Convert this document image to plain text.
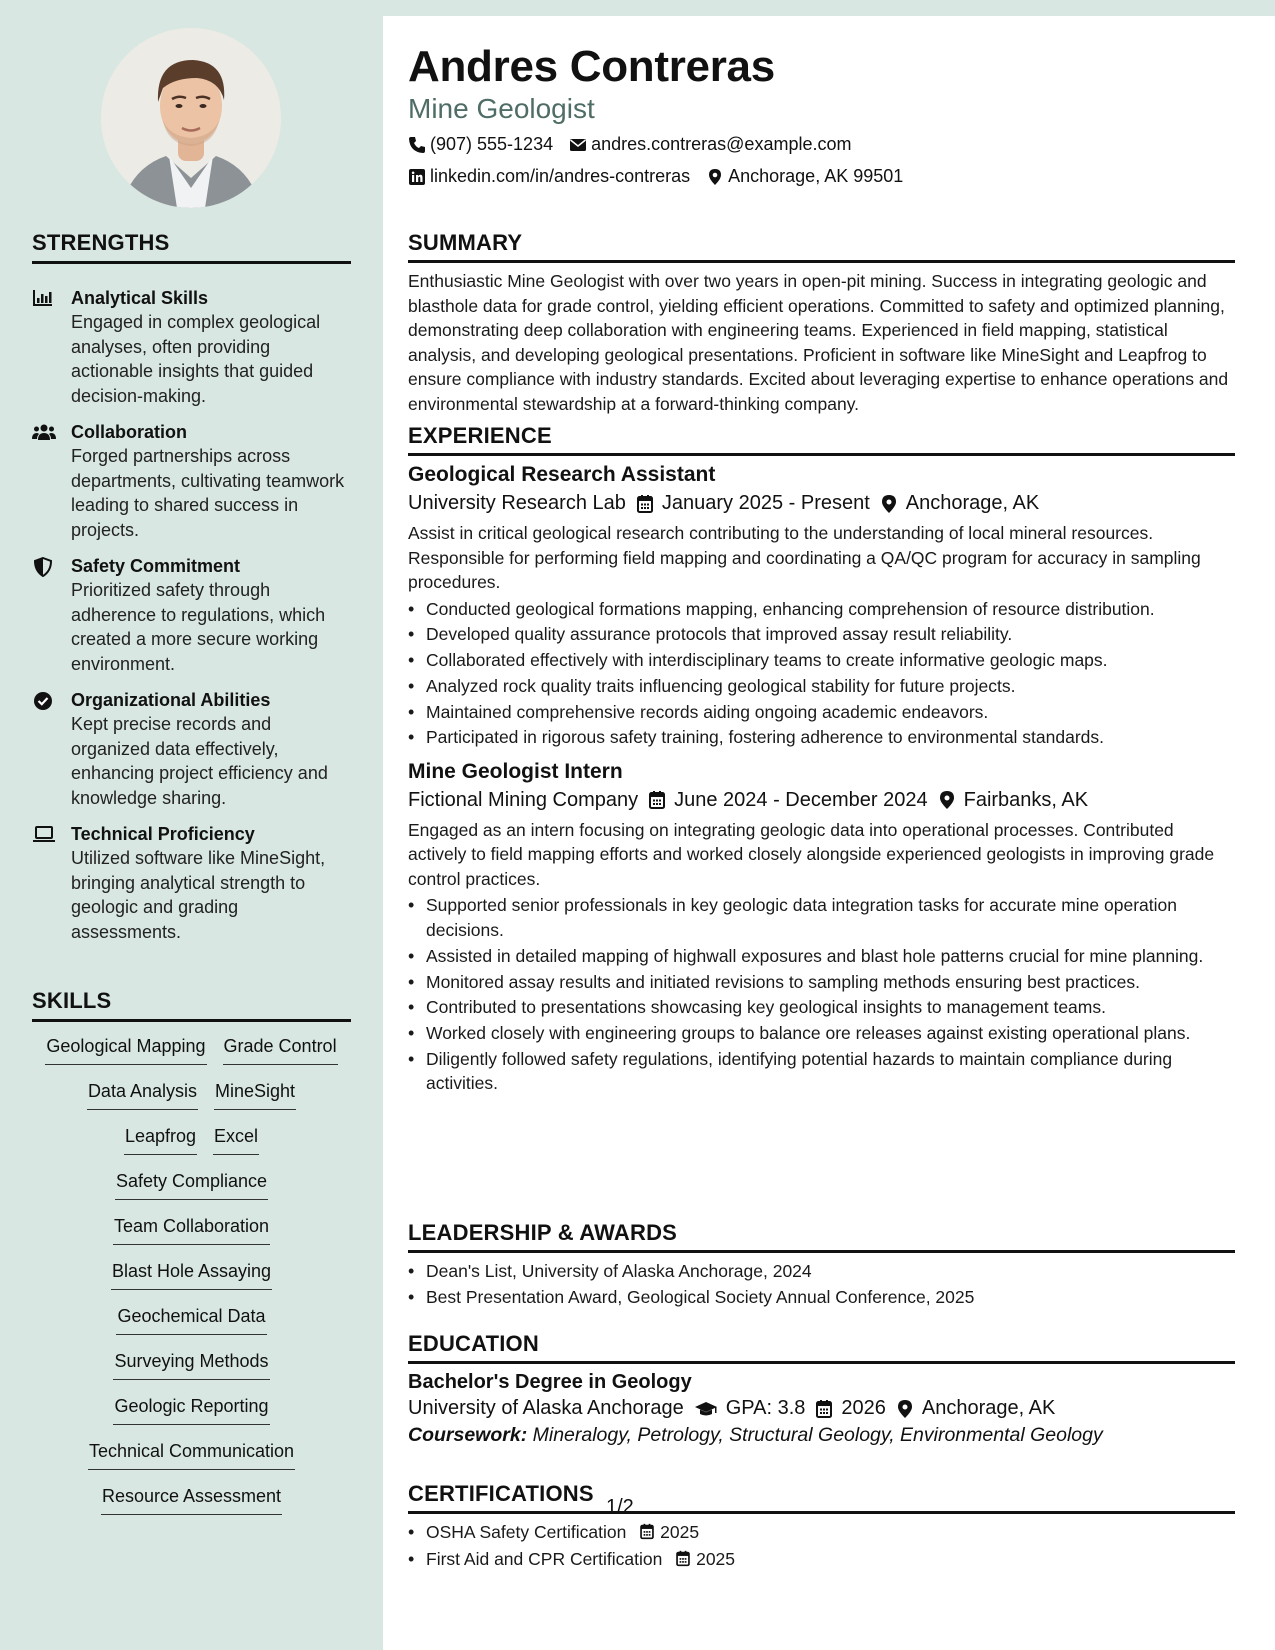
STRENGTHS
Analytical Skills
Engaged in complex geological analyses, often providing actionable insights that guided decision-making.
Collaboration
Forged partnerships across departments, cultivating teamwork leading to shared success in projects.
Safety Commitment
Prioritized safety through adherence to regulations, which created a more secure working environment.
Organizational Abilities
Kept precise records and organized data effectively, enhancing project efficiency and knowledge sharing.
Technical Proficiency
Utilized software like MineSight, bringing analytical strength to geologic and grading assessments.
SKILLS
Geological Mapping Grade Control
Data Analysis MineSight
Leapfrog Excel
Safety Compliance
Team Collaboration
Blast Hole Assaying
Geochemical Data
Surveying Methods
Geologic Reporting
Technical Communication
Resource Assessment
Andres Contreras
Mine Geologist
(907) 555-1234 andres.contreras@example.com
linkedin.com/in/andres-contreras Anchorage, AK 99501
SUMMARY
Enthusiastic Mine Geologist with over two years in open-pit mining. Success in integrating geologic and blasthole data for grade control, yielding efficient operations. Committed to safety and optimized planning, demonstrating deep collaboration with engineering teams. Experienced in field mapping, statistical analysis, and developing geological presentations. Proficient in software like MineSight and Leapfrog to ensure compliance with industry standards. Excited about leveraging expertise to enhance operations and environmental stewardship at a forward-thinking company.
EXPERIENCE
Geological Research Assistant
University Research Lab January 2025 - Present Anchorage, AK
Assist in critical geological research contributing to the understanding of local mineral resources. Responsible for performing field mapping and coordinating a QA/QC program for accuracy in sampling procedures.
• Conducted geological formations mapping, enhancing comprehension of resource distribution.
• Developed quality assurance protocols that improved assay result reliability.
• Collaborated effectively with interdisciplinary teams to create informative geologic maps.
• Analyzed rock quality traits influencing geological stability for future projects.
• Maintained comprehensive records aiding ongoing academic endeavors.
• Participated in rigorous safety training, fostering adherence to environmental standards.
Mine Geologist Intern
Fictional Mining Company June 2024 - December 2024 Fairbanks, AK
Engaged as an intern focusing on integrating geologic data into operational processes. Contributed actively to field mapping efforts and worked closely alongside experienced geologists in improving grade control practices.
• Supported senior professionals in key geologic data integration tasks for accurate mine operation decisions.
• Assisted in detailed mapping of highwall exposures and blast hole patterns crucial for mine planning.
• Monitored assay results and initiated revisions to sampling methods ensuring best practices.
• Contributed to presentations showcasing key geological insights to management teams.
• Worked closely with engineering groups to balance ore releases against existing operational plans.
• Diligently followed safety regulations, identifying potential hazards to maintain compliance during activities.
LEADERSHIP & AWARDS
• Dean's List, University of Alaska Anchorage, 2024
• Best Presentation Award, Geological Society Annual Conference, 2025
EDUCATION
Bachelor's Degree in Geology
University of Alaska Anchorage GPA: 3.8 2026 Anchorage, AK
Coursework: Mineralogy, Petrology, Structural Geology, Environmental Geology
CERTIFICATIONS
• OSHA Safety Certification 2025
• First Aid and CPR Certification 2025
1/2
